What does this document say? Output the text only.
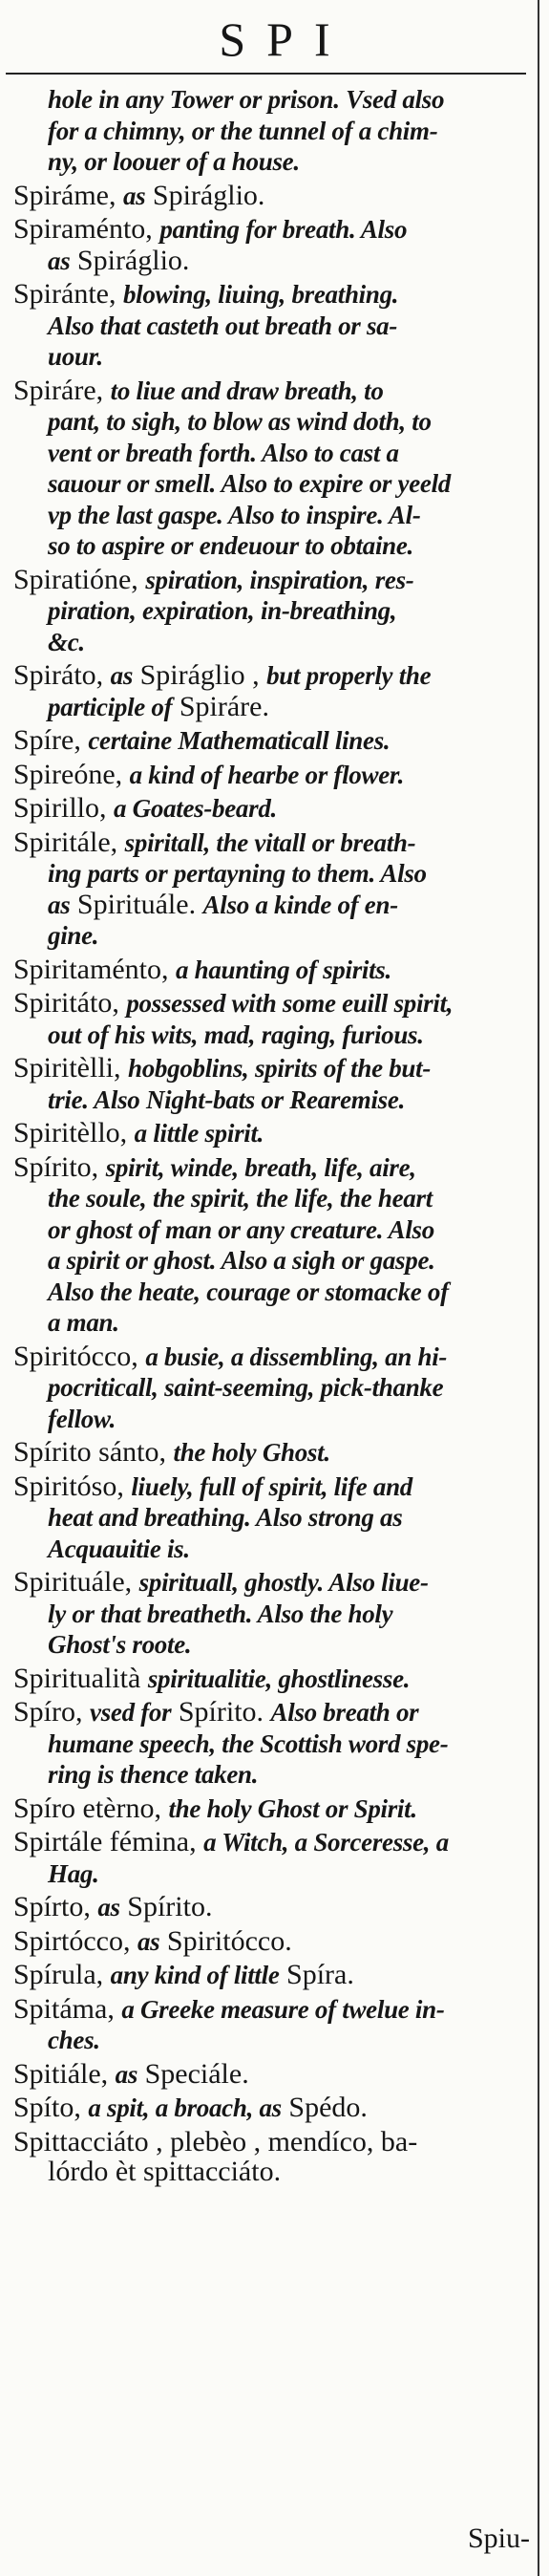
SPI
hole in any Tower or prison. Vsed also
for a chimny, or the tunnel of a chim-
ny, or loouer of a house.
Spiráme, as Spiráglio.
Spiraménto, panting for breath. Also
as Spiráglio.
Spiránte, blowing, liuing, breathing.
Also that casteth out breath or sa-
uour.
Spiráre, to liue and draw breath, to
pant, to sigh, to blow as wind doth, to
vent or breath forth. Also to cast a
sauour or smell. Also to expire or yeeld
vp the last gaspe. Also to inspire. Al-
so to aspire or endeuour to obtaine.
Spiratióne, spiration, inspiration, res-
piration, expiration, in-breathing,
&c.
Spiráto, as Spiráglio , but properly the
participle of Spiráre.
Spíre, certaine Mathematicall lines.
Spireóne, a kind of hearbe or flower.
Spirillo, a Goates-beard.
Spiritále, spiritall, the vitall or breath-
ing parts or pertayning to them. Also
as Spirituále. Also a kinde of en-
gine.
Spiritaménto, a haunting of spirits.
Spiritáto, possessed with some euill spirit,
out of his wits, mad, raging, furious.
Spiritèlli, hobgoblins, spirits of the but-
trie. Also Night-bats or Rearemise.
Spiritèllo, a little spirit.
Spírito, spirit, winde, breath, life, aire,
the soule, the spirit, the life, the heart
or ghost of man or any creature. Also
a spirit or ghost. Also a sigh or gaspe.
Also the heate, courage or stomacke of
a man.
Spiritócco, a busie, a dissembling, an hi-
pocriticall, saint-seeming, pick-thanke
fellow.
Spírito sánto, the holy Ghost.
Spiritóso, liuely, full of spirit, life and
heat and breathing. Also strong as
Acquauitie is.
Spirituále, spirituall, ghostly. Also liue-
ly or that breatheth. Also the holy
Ghost's roote.
Spiritualità spiritualitie, ghostlinesse.
Spíro, vsed for Spírito. Also breath or
humane speech, the Scottish word spe-
ring is thence taken.
Spíro etèrno, the holy Ghost or Spirit.
Spirtále fémina, a Witch, a Sorceresse, a
Hag.
Spírto, as Spírito.
Spirtócco, as Spiritócco.
Spírula, any kind of little Spíra.
Spitáma, a Greeke measure of twelue in-
ches.
Spitiále, as Speciále.
Spíto, a spit, a broach, as Spédo.
Spittacciáto , plebèo , mendíco, ba-
lórdo èt spittacciáto.
Spiu-
